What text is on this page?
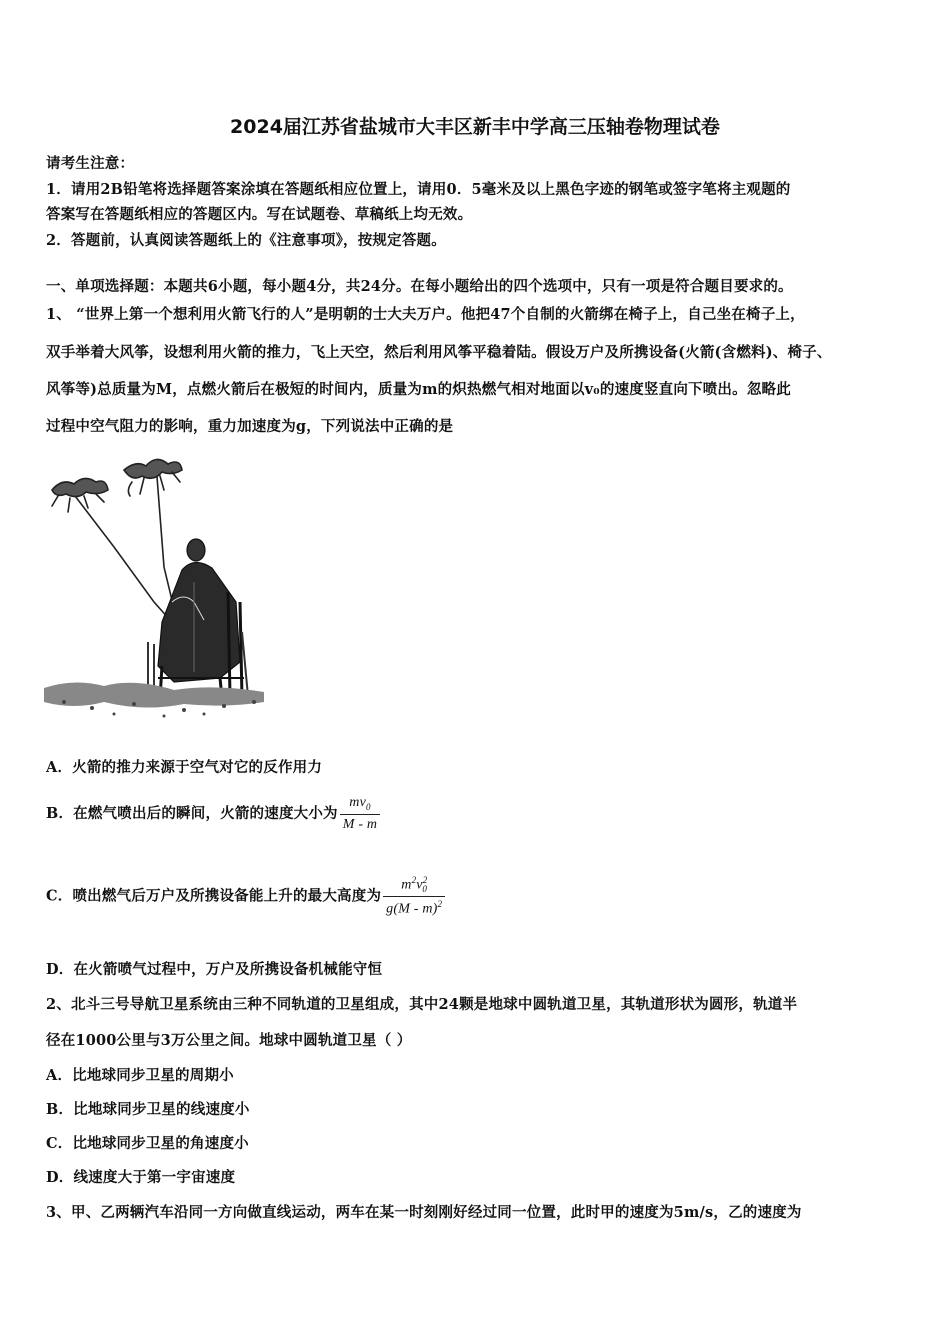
2024届江苏省盐城市大丰区新丰中学高三压轴卷物理试卷
请考生注意：
1．请用2B铅笔将选择题答案涂填在答题纸相应位置上，请用0．5毫米及以上黑色字迹的钢笔或签字笔将主观题的
答案写在答题纸相应的答题区内。写在试题卷、草稿纸上均无效。
2．答题前，认真阅读答题纸上的《注意事项》，按规定答题。
一、单项选择题：本题共6小题，每小题4分，共24分。在每小题给出的四个选项中，只有一项是符合题目要求的。
1、 “世界上第一个想利用火箭飞行的人”是明朝的士大夫万户。他把47个自制的火箭绑在椅子上，自己坐在椅子上，
双手举着大风筝，设想利用火箭的推力，飞上天空，然后利用风筝平稳着陆。假设万户及所携设备(火箭(含燃料)、椅子、
风筝等)总质量为M，点燃火箭后在极短的时间内，质量为m的炽热燃气相对地面以v₀的速度竖直向下喷出。忽略此
过程中空气阻力的影响，重力加速度为g，下列说法中正确的是
A．火箭的推力来源于空气对它的反作用力
B．在燃气喷出后的瞬间，火箭的速度大小为 $\frac{mv_0}{M - m}$
C．喷出燃气后万户及所携设备能上升的最大高度为 $\frac{m^2v^2_0}{g(M - m)^2}$
D．在火箭喷气过程中，万户及所携设备机械能守恒
2、北斗三号导航卫星系统由三种不同轨道的卫星组成，其中24颗是地球中圆轨道卫星，其轨道形状为圆形，轨道半
径在1000公里与3万公里之间。地球中圆轨道卫星（ ）
A．比地球同步卫星的周期小
B．比地球同步卫星的线速度小
C．比地球同步卫星的角速度小
D．线速度大于第一宇宙速度
3、甲、乙两辆汽车沿同一方向做直线运动，两车在某一时刻刚好经过同一位置，此时甲的速度为5m/s，乙的速度为
